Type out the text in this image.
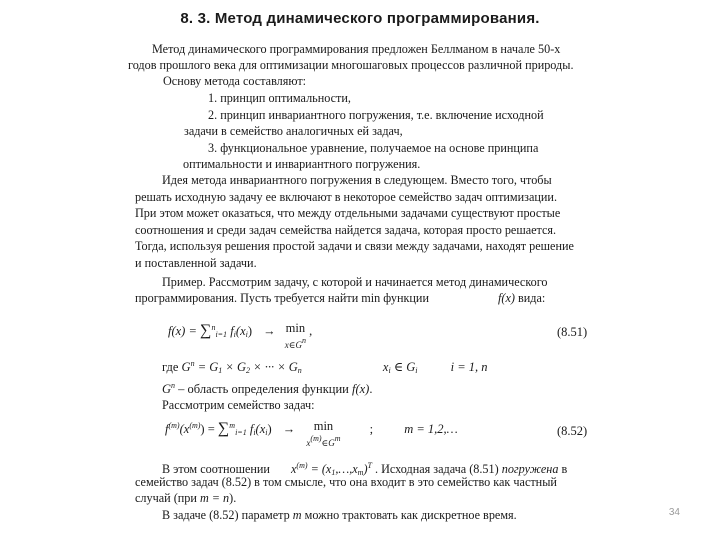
8. 3. Метод динамического программирования.
Метод динамического программирования предложен Беллманом в начале 50-х
годов прошлого века для оптимизации многошаговых процессов различной природы.
Основу метода составляют:
1. принцип оптимальности,
2. принцип инвариантного погружения, т.е. включение исходной
задачи в семейство аналогичных ей задач,
3. функциональное уравнение, получаемое на основе принципа
оптимальности и инвариантного погружения.
Идея метода инвариантного погружения в следующем. Вместо того, чтобы
решать исходную задачу ее включают в некоторое семейство задач оптимизации.
При этом может оказаться, что между отдельными задачами существуют простые
соотношения и среди задач семейства найдется задача, которая просто решается.
Тогда, используя решения простой задачи и связи между задачами, находят решение
и поставленной задачи.
Пример. Рассмотрим задачу, с которой и начинается метод динамического
программирования. Пусть требуется найти min функции	f(x) вида:
f(x) = ∑$^n_{i=1}$ $f_i(x_i) \to \min$
x∈Gn ,	(8.51)
где $G^n = G_1 \times G_2$ × ··· × $G_n$	$x_i$ ∈ $G_i$	i = 1, n
$G^n$ – область определения функции f(x).
Рассмотрим семейство задач:
$f^{(m)}(x^{(m)}) = \sum^m_{i=1}$ $f_i(x_i) \to \min$
x(m)∈Gm ; m = 1,2,…	(8.52)
В этом соотношении $x^{(m)}$ = $(x_1,\dots,x_m)^T$ . Исходная задача (8.51) погружена в
семейство задач (8.52) в том смысле, что она входит в это семейство как частный
случай (при m = n).
В задаче (8.52) параметр m можно трактовать как дискретное время.	34
